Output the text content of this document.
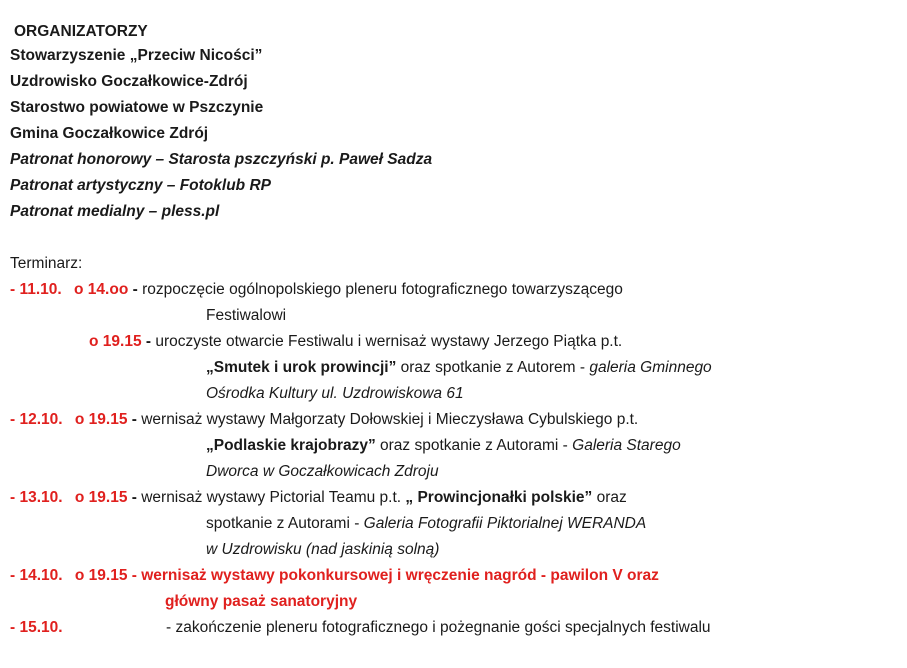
ORGANIZATORZY
Stowarzyszenie „Przeciw Nicości”
Uzdrowisko Goczałkowice-Zdrój
Starostwo powiatowe w Pszczynie
Gmina Goczałkowice Zdrój
Patronat honorowy – Starosta pszczyński p. Paweł Sadza
Patronat artystyczny – Fotoklub RP
Patronat medialny – pless.pl
Terminarz:
- 11.10. o 14.oo - rozpoczęcie ogólnopolskiego pleneru fotograficznego towarzyszącego
Festiwalowi
o 19.15 - uroczyste otwarcie Festiwalu i wernisaż wystawy Jerzego Piątka p.t.
„Smutek i urok prowincji” oraz spotkanie z Autorem - galeria Gminnego
Ośrodka Kultury ul. Uzdrowiskowa 61
- 12.10. o 19.15 - wernisaż wystawy Małgorzaty Dołowskiej i Mieczysława Cybulskiego p.t.
„Podlaskie krajobrazy” oraz spotkanie z Autorami - Galeria Starego
Dworca w Goczałkowicach Zdroju
- 13.10. o 19.15 - wernisaż wystawy Pictorial Teamu p.t. „ Prowincjonałki polskie” oraz
spotkanie z Autorami - Galeria Fotografii Piktorialnej WERANDA
w Uzdrowisku (nad jaskinią solną)
- 14.10. o 19.15 - wernisaż wystawy pokonkursowej i wręczenie nagród - pawilon V oraz
główny pasaż sanatoryjny
- 15.10.	- zakończenie pleneru fotograficznego i pożegnanie gości specjalnych festiwalu
